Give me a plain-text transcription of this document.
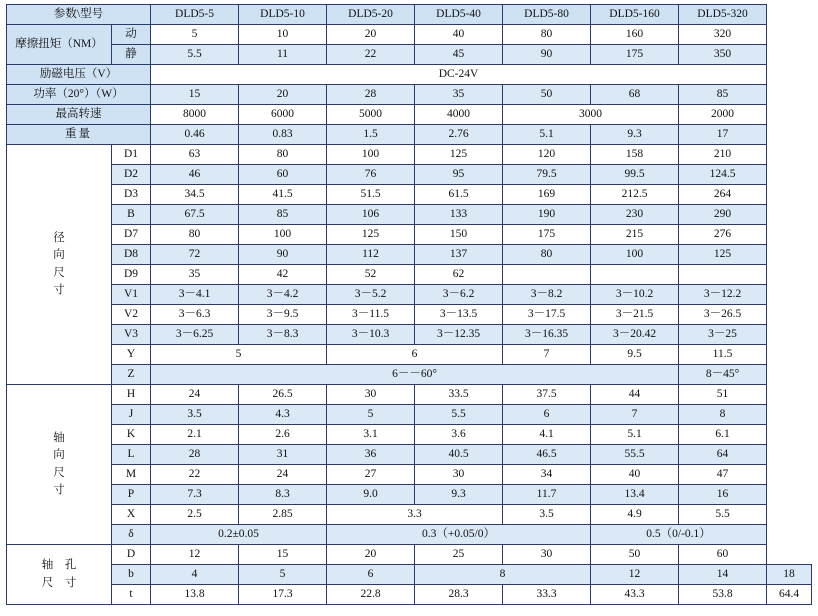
参数\型号		DLD5-5	DLD5-10	DLD5-20	DLD5-40	DLD5-80	DLD5-160	DLD5-320	

摩擦扭矩（NM）	动	5	10	20	40	80	160	320	
	静	5.5	11	22	45	90	175	350	
励磁电压（V）		DC-24V							
功率（20°）（W）		15	20	28	35	50	68	85	
最高转速		8000	6000	5000	4000	3000		2000	
重量		0.46	0.83	1.5	2.76	5.1	9.3	17	

径
向
尺
寸	D1	63	80	100	125	120	158	210	
	D2	46	60	76	95	79.5	99.5	124.5	
	D3	34.5	41.5	51.5	61.5	169	212.5	264	
	B	67.5	85	106	133	190	230	290	
	D7	80	100	125	150	175	215	276	
	D8	72	90	112	137	80	100	125	
	D9	35	42	52	62				
	V1	3－4.1	3－4.2	3－5.2	3－6.2	3－8.2	3－10.2	3－12.2	
	V2	3－6.3	3－9.5	3－11.5	3－13.5	3－17.5	3－21.5	3－26.5	
	V3	3－6.25	3－8.3	3－10.3	3－12.35	3－16.35	3－20.42	3－25	
	Y	5		6		7	9.5	11.5	
	Z	6－－60°						8－45°	

轴
向
尺
寸	H	24	26.5	30	33.5	37.5	44	51	
	J	3.5	4.3	5	5.5	6	7	8	
	K	2.1	2.6	3.1	3.6	4.1	5.1	6.1	
	L	28	31	36	40.5	46.5	55.5	64	
	M	22	24	27	30	34	40	47	
	P	7.3	8.3	9.0	9.3	11.7	13.4	16	
	X	2.5	2.85	3.3		3.5	4.9	5.5	
	δ	0.2±0.05		0.3（+0.05/0）			0.5（0/-0.1）		

轴　孔
尺　寸	D	12	15	20	25	30	50	60	
	b	4	5	6	8		12	14	18
	t	13.8	17.3	22.8	28.3	33.3	43.3	53.8	64.4
